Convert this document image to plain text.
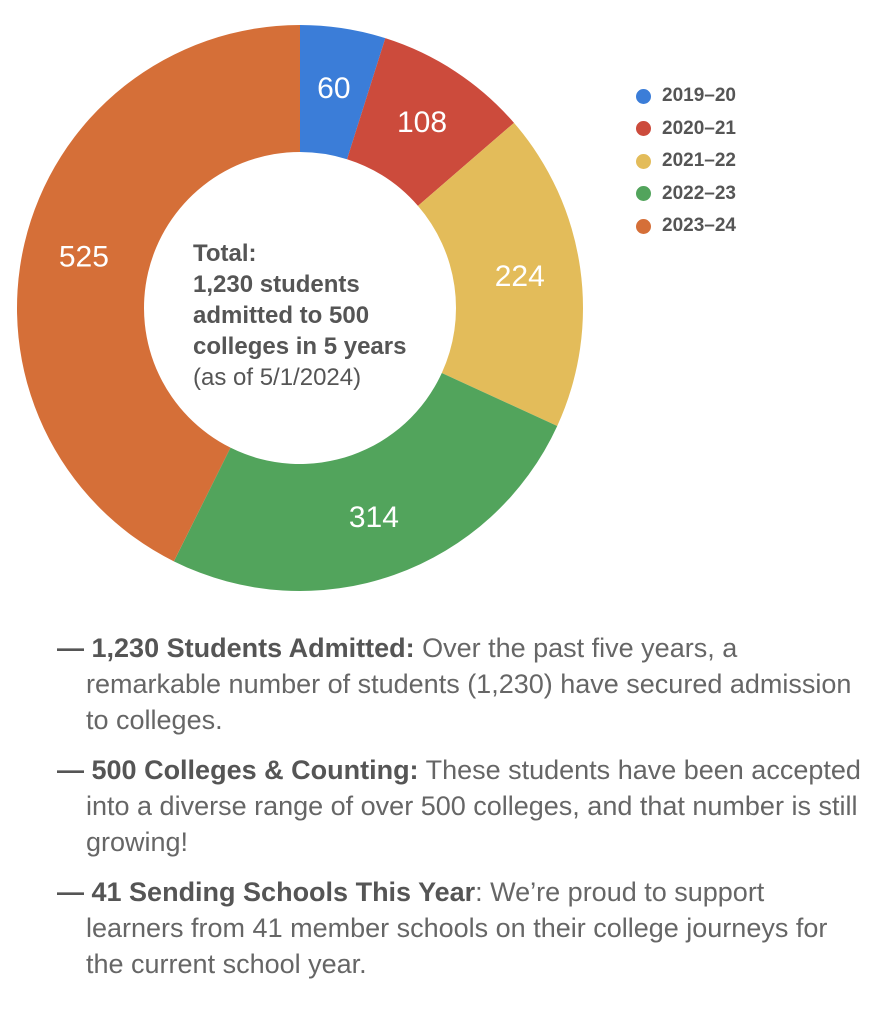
60
108
224
314
525	Total:
1,230 students
admitted to 500
colleges in 5 years
(as of 5/1/2024)
2019–20
2020–21
2021–22
2022–23
2023–24
— 1,230 Students Admitted: Over the past five years, a remarkable number of students (1,230) have secured admission to colleges.
— 500 Colleges & Counting: These students have been accepted into a diverse range of over 500 colleges, and that number is still growing!
— 41 Sending Schools This Year: We’re proud to support learners from 41 member schools on their college journeys for the current school year.
